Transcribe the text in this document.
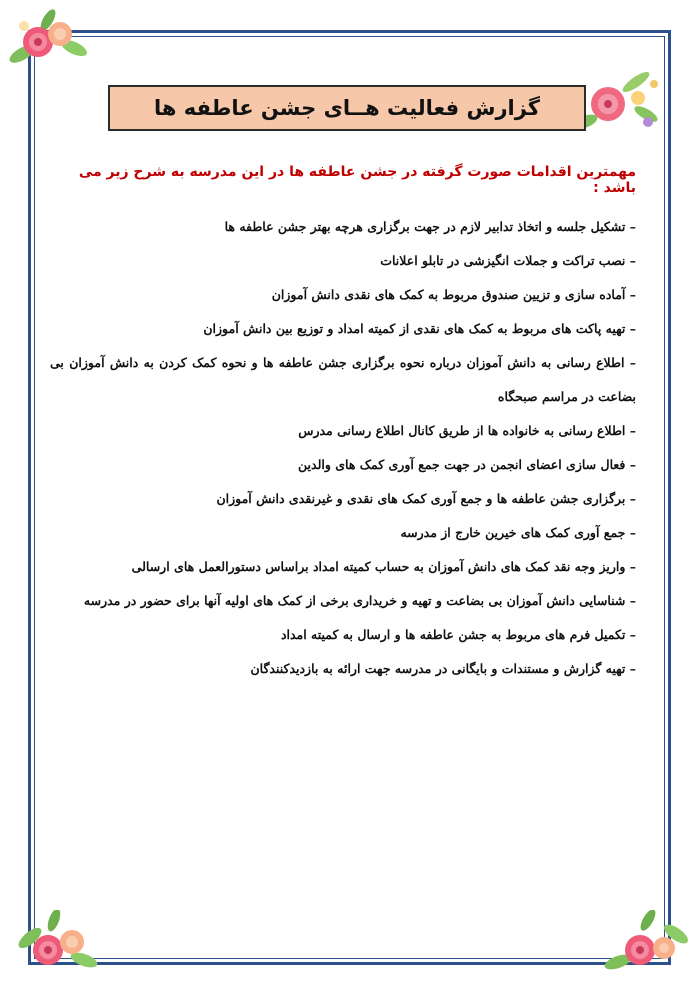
گزارش فعالیت هــای جشن عاطفه ها
مهمترین اقدامات صورت گرفته در جشن عاطفه ها در این مدرسه به شرح زیر می باشد :
– تشکیل جلسه و اتخاذ تدابیر لازم در جهت برگزاری هرچه بهتر جشن عاطفه ها
– نصب تراکت و جملات انگیزشی در تابلو اعلانات
– آماده سازی و تزیین صندوق مربوط به کمک های نقدی دانش آموزان
– تهیه پاکت های مربوط به کمک های نقدی از کمیته امداد و توزیع بین دانش آموزان
– اطلاع رسانی به دانش آموزان درباره نحوه برگزاری جشن عاطفه ها و نحوه کمک کردن به دانش آموزان بی بضاعت در مراسم صبحگاه
– اطلاع رسانی به خانواده ها از طریق کانال اطلاع رسانی مدرس
– فعال سازی اعضای انجمن در جهت جمع آوری کمک های والدین
– برگزاری جشن عاطفه ها و جمع آوری کمک های نقدی و غیرنقدی دانش آموزان
– جمع آوری کمک های خیرین خارج از مدرسه
– واریز وجه نقد کمک های دانش آموزان به حساب کمیته امداد براساس دستورالعمل های ارسالی
– شناسایی دانش آموزان بی بضاعت و تهیه و خریداری برخی از کمک های اولیه آنها برای حضور در مدرسه
– تکمیل فرم های مربوط به جشن عاطفه ها و ارسال به کمیته امداد
– تهیه گزارش و مستندات و بایگانی در مدرسه جهت ارائه به بازدیدکنندگان
